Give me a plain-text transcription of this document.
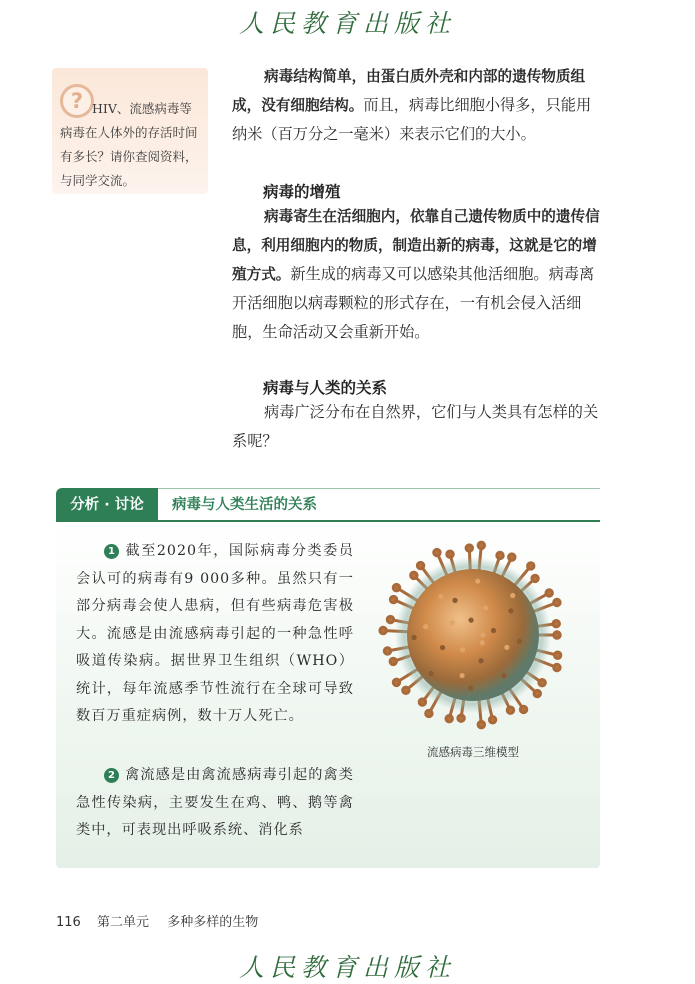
人民教育出版社
? HIV、流感病毒等病毒在人体外的存活时间有多长？请你查阅资料，与同学交流。

病毒结构简单，由蛋白质外壳和内部的遗传物质组成，没有细胞结构。而且，病毒比细胞小得多，只能用纳米（百万分之一毫米）来表示它们的大小。

病毒的增殖

病毒寄生在活细胞内，依靠自己遗传物质中的遗传信息，利用细胞内的物质，制造出新的病毒，这就是它的增殖方式。新生成的病毒又可以感染其他活细胞。病毒离开活细胞以病毒颗粒的形式存在，一有机会侵入活细胞，生命活动又会重新开始。

病毒与人类的关系

病毒广泛分布在自然界，它们与人类具有怎样的关系呢？

分析 · 讨论	病毒与人类生活的关系

1 截至2020年，国际病毒分类委员会认可的病毒有9 000多种。虽然只有一部分病毒会使人患病，但有些病毒危害极大。流感是由流感病毒引起的一种急性呼吸道传染病。据世界卫生组织（WHO）统计，每年流感季节性流行在全球可导致数百万重症病例，数十万人死亡。

2 禽流感是由禽流感病毒引起的禽类急性传染病，主要发生在鸡、鸭、鹅等禽类中，可表现出呼吸系统、消化系

流感病毒三维模型
116 第二单元 多种多样的生物
人民教育出版社
